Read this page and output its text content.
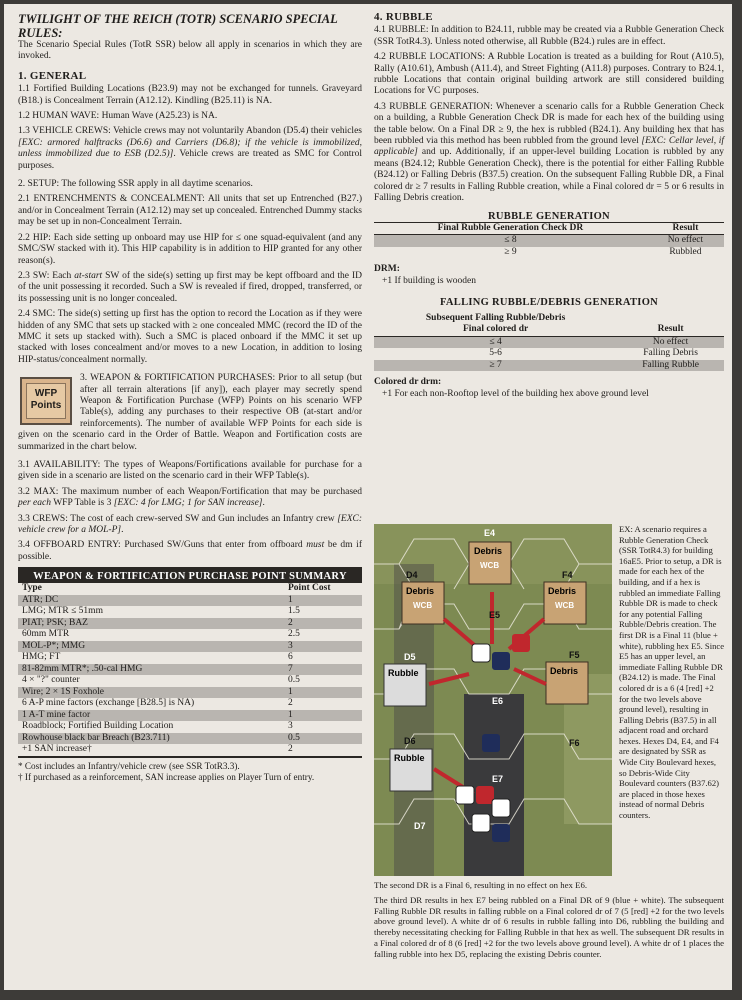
TWILIGHT OF THE REICH (TOTR) SCENARIO SPECIAL RULES:

The Scenario Special Rules (TotR SSR) below all apply in scenarios in which they are invoked.

1. GENERAL

1.1 Fortified Building Locations (B23.9) may not be exchanged for tunnels. Graveyard (B18.) is Concealment Terrain (A12.12). Kindling (B25.11) is NA.

1.2 HUMAN WAVE: Human Wave (A25.23) is NA.

1.3 VEHICLE CREWS: Vehicle crews may not voluntarily Abandon (D5.4) their vehicles [EXC: armored halftracks (D6.6) and Carriers (D6.8); if the vehicle is immobilized, unless immobilized due to ESB (D2.5)]. Vehicle crews are treated as SMC for Control purposes.

2. SETUP: The following SSR apply in all daytime scenarios.

2.1 ENTRENCHMENTS & CONCEALMENT: All units that set up Entrenched (B27.) and/or in Concealment Terrain (A12.12) may set up concealed. Entrenched Dummy stacks may be set up in non-Concealment Terrain.

2.2 HIP: Each side setting up onboard may use HIP for ≤ one squad-equivalent (and any SMC/SW stacked with it). This HIP capability is in addition to HIP granted for any other reason(s).

2.3 SW: Each at-start SW of the side(s) setting up first may be kept offboard and the ID of the unit possessing it recorded. Such a SW is revealed if fired, dropped, transferred, or its possessing unit is no longer concealed.

2.4 SMC: The side(s) setting up first has the option to record the Location as if they were hidden of any SMC that sets up stacked with ≥ one concealed MMC (record the ID of the MMC it sets up stacked with). Such a SMC is placed onboard if the MMC it set up stacked with loses concealment and/or moves to a new Location, in addition to losing HIP-status/concealment normally.

WFP
Points

3. WEAPON & FORTIFICATION PURCHASES: Prior to all setup (but after all terrain alterations [if any]), each player may secretly spend Weapon & Fortification Purchase (WFP) Points on his scenario WFP Table(s), adding any purchases to their respective OB (at-start and/or reinforcements). The number of available WFP Points for each side is given on the scenario card in the Order of Battle. Weapon and Fortification costs are summarized in the chart below.

3.1 AVAILABILITY: The types of Weapons/Fortifications available for purchase for a given side in a scenario are listed on the scenario card in their WFP Table(s).

3.2 MAX: The maximum number of each Weapon/Fortification that may be purchased per each WFP Table is 3 [EXC: 4 for LMG; 1 for SAN increase].

3.3 CREWS: The cost of each crew-served SW and Gun includes an Infantry crew [EXC: vehicle crew for a MOL-P].

3.4 OFFBOARD ENTRY: Purchased SW/Guns that enter from offboard must be dm if possible.

WEAPON & FORTIFICATION PURCHASE POINT SUMMARY	
Type	Point Cost
ATR; DC	1
LMG; MTR ≤ 51mm	1.5
PIAT; PSK; BAZ	2
60mm MTR	2.5
MOL-P*; MMG	3
HMG; FT	6
81-82mm MTR*; .50-cal HMG	7
4 × "?" counter	0.5
Wire; 2 × 1S Foxhole	1
6 A-P mine factors (exchange [B28.5] is NA)	2
1 A-T mine factor	1
Roadblock; Fortified Building Location	3
Rowhouse black bar Breach (B23.711)	0.5
+1 SAN increase†	2
* Cost includes an Infantry/vehicle crew (see SSR TotR3.3).
† If purchased as a reinforcement, SAN increase applies on Player Turn of entry.
4. RUBBLE

4.1 RUBBLE: In addition to B24.11, rubble may be created via a Rubble Generation Check (SSR TotR4.3). Unless noted otherwise, all Rubble (B24.) rules are in effect.

4.2 RUBBLE LOCATIONS: A Rubble Location is treated as a building for Rout (A10.5), Rally (A10.61), Ambush (A11.4), and Street Fighting (A11.8) purposes. Contrary to B24.1, rubble Locations that contain original building artwork are still considered building Locations for VC purposes.

4.3 RUBBLE GENERATION: Whenever a scenario calls for a Rubble Generation Check on a building, a Rubble Generation Check DR is made for each hex of the building using the table below. On a Final DR ≥ 9, the hex is rubbled (B24.1). Any building hex that has been rubbled via this method has been rubbled from the ground level [EXC: Cellar level, if applicable] and up. Additionally, if an upper-level building Location is rubbled by any means (B24.12; Rubble Generation Check), there is the potential for either Falling Rubble (B24.12) or Falling Debris (B37.5) creation. On the subsequent Falling Rubble DR, a Final colored dr ≥ 7 results in Falling Rubble creation, while a Final colored dr = 5 or 6 results in Falling Debris creation.

RUBBLE GENERATION
Final Rubble Generation Check DR	Result
≤ 8	No effect
≥ 9	Rubbled
DRM:
+1 If building is wooden
FALLING RUBBLE/DEBRIS GENERATION
Subsequent Falling Rubble/Debris	
Final colored dr	Result
≤ 4	No effect
5-6	Falling Debris
≥ 7	Falling Rubble
Colored dr drm:
+1 For each non-Rooftop level of the building hex above ground level
Debris
WCB
Debris
WCB
Debris
WCB
Debris
Rubble
Rubble
E4
D4	F4
E5
D5	F5
E6
F6
E7
D7
D6
EX: A scenario requires a Rubble Generation Check (SSR TotR4.3) for building 16aE5. Prior to setup, a DR is made for each hex of the building, and if a hex is rubbled an immediate Falling Rubble DR is made to check for any potential Falling Rubble/Debris creation. The first DR is a Final 11 (blue + white), rubbling hex E5. Since E5 has an upper level, an immediate Falling Rubble DR (B24.12) is made. The Final colored dr is a 6 (4 [red] +2 for the two levels above ground level), resulting in Falling Debris (B37.5) in all adjacent road and orchard hexes. Hexes D4, E4, and F4 are designated by SSR as Wide City Boulevard hexes, so Debris-Wide City Boulevard counters (B37.62) are placed in those hexes instead of normal Debris counters.

The second DR is a Final 6, resulting in no effect on hex E6.

The third DR results in hex E7 being rubbled on a Final DR of 9 (blue + white). The subsequent Falling Rubble DR results in falling rubble on a Final colored dr of 7 (5 [red] +2 for the two levels above ground level). A white dr of 6 results in rubble falling into D6, rubbling the building and thereby necessitating checking for Falling Rubble in that hex as well. The subsequent DR results in a Final colored dr of 8 (6 [red] +2 for the two levels above ground level). A white dr of 1 places the falling rubble into hex D5, replacing the existing Debris counter.
